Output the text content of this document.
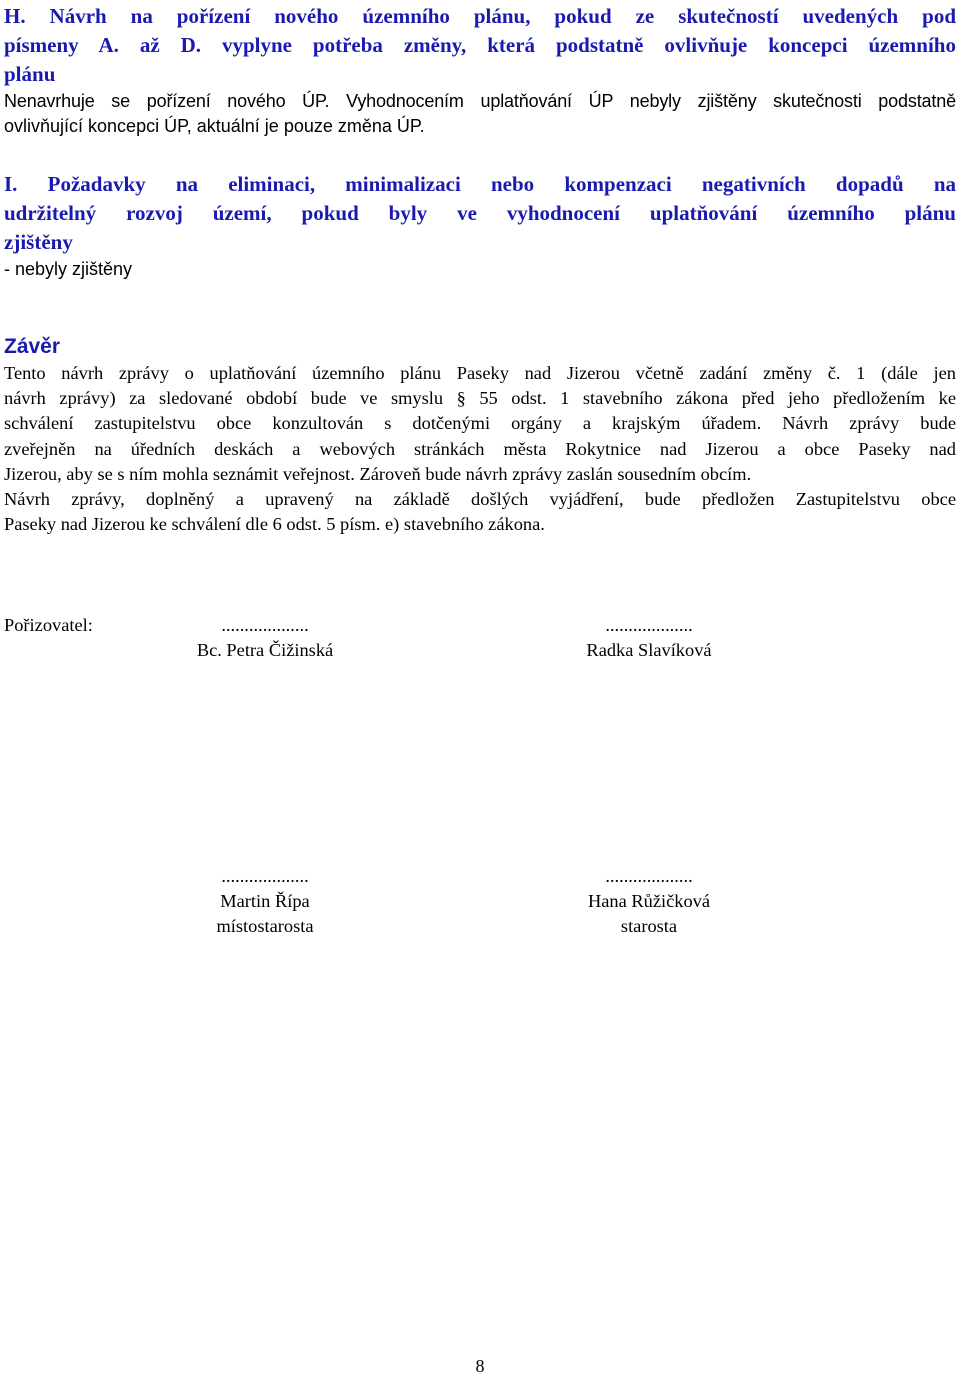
H. Návrh na pořízení nového územního plánu, pokud ze skutečností uvedených pod
písmeny A. až D. vyplyne potřeba změny, která podstatně ovlivňuje koncepci územního
plánu
Nenavrhuje se pořízení nového ÚP. Vyhodnocením uplatňování ÚP nebyly zjištěny skutečnosti podstatně
ovlivňující koncepci ÚP, aktuální je pouze změna ÚP.
I. Požadavky na eliminaci, minimalizaci nebo kompenzaci negativních dopadů na
udržitelný rozvoj území, pokud byly ve vyhodnocení uplatňování územního plánu
zjištěny
- nebyly zjištěny
Závěr
Tento návrh zprávy o uplatňování územního plánu Paseky nad Jizerou včetně zadání změny č. 1 (dále jen
návrh zprávy) za sledované období bude ve smyslu § 55 odst. 1 stavebního zákona před jeho předložením ke
schválení zastupitelstvu obce konzultován s dotčenými orgány a krajským úřadem. Návrh zprávy bude
zveřejněn na úředních deskách a webových stránkách města Rokytnice nad Jizerou a obce Paseky nad
Jizerou, aby se s ním mohla seznámit veřejnost. Zároveň bude návrh zprávy zaslán sousedním obcím.
Návrh zprávy, doplněný a upravený na základě došlých vyjádření, bude předložen Zastupitelstvu obce
Paseky nad Jizerou ke schválení dle 6 odst. 5 písm. e) stavebního zákona.
Pořizovatel:	...................
Bc. Petra Čižinská
...................
Radka Slavíková
...................
Martin Řípa
místostarosta
...................
Hana Růžičková
starosta
8
